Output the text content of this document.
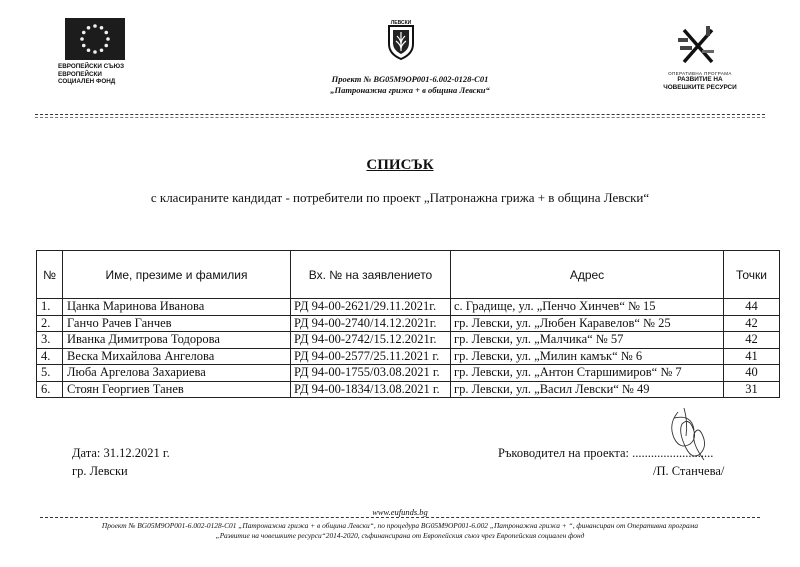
ЕВРОПЕЙСКИ СЪЮЗ
ЕВРОПЕЙСКИ
СОЦИАЛЕН ФОНД
ЛЕВСКИ
Проект № BG05M9OP001-6.002-0128-C01
„Патронажна грижа + в община Левски“
ОПЕРАТИВНА ПРОГРАМА
РАЗВИТИЕ НА
ЧОВЕШКИТЕ РЕСУРСИ
СПИСЪК
с класираните кандидат - потребители по проект „Патронажна грижа + в община Левски“
№	Име, презиме и фамилия	Вх. № на заявлението	Адрес	Точки
1.	Цанка Маринова Иванова	РД 94-00-2621/29.11.2021г.	с. Градище, ул. „Пенчо Хинчев“ № 15	44
2.	Ганчо Рачев Ганчев	РД 94-00-2740/14.12.2021г.	гр. Левски, ул. „Любен Каравелов“ № 25	42
3.	Иванка Димитрова Тодорова	РД 94-00-2742/15.12.2021г.	гр. Левски, ул. „Малчика“ № 57	42
4.	Веска Михайлова Ангелова	РД 94-00-2577/25.11.2021 г.	гр. Левски, ул. „Милин камък“ № 6	41
5.	Люба Аргелова Захариева	РД 94-00-1755/03.08.2021 г.	гр. Левски, ул. „Антон Старшимиров“ № 7	40
6.	Стоян Георгиев Танев	РД 94-00-1834/13.08.2021 г.	гр. Левски, ул. „Васил Левски“ № 49	31
Дата: 31.12.2021 г.
гр. Левски
Ръководител на проекта: ..........................
/П. Станчева/
www.eufunds.bg
Проект № BG05M9OP001-6.002-0128-C01 „Патронажна грижа + в община Левски“, по процедура BG05M9OP001-6.002 „Патронажна грижа + “, финансиран от Оперативна програма
„Развитие на човешките ресурси“2014-2020, съфинансирана от Европейския съюз чрез Европейския социален фонд
